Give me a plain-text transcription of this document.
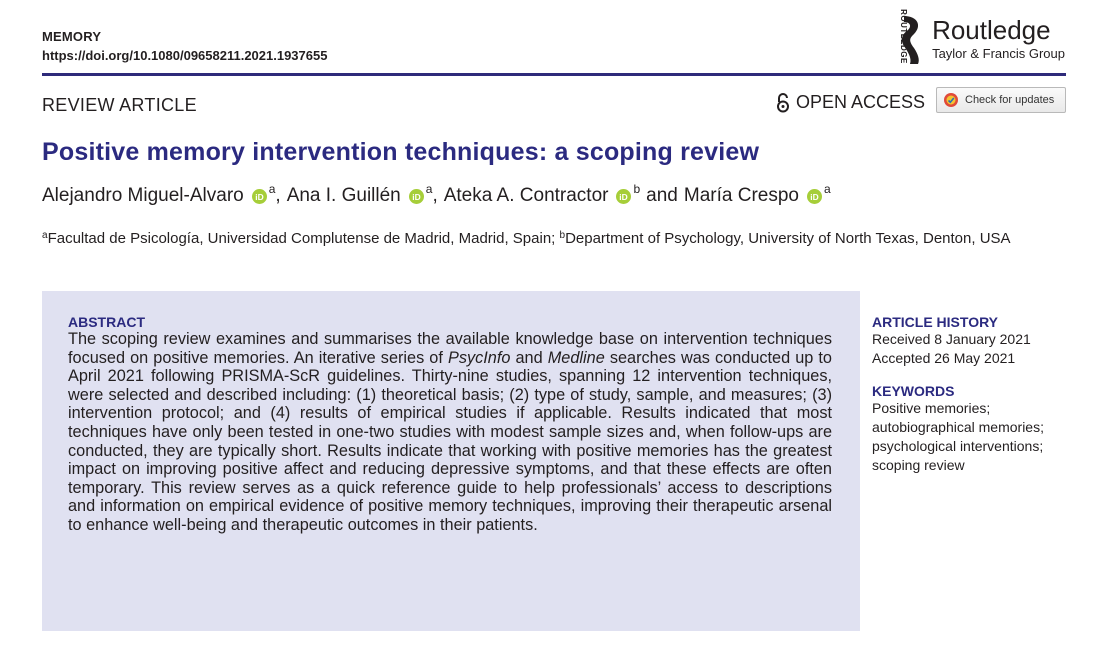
MEMORY
https://doi.org/10.1080/09658211.2021.1937655	ROUTLEDGE Routledge
Taylor & Francis Group
REVIEW ARTICLE	OPEN ACCESS	Check for updates
Positive memory intervention techniques: a scoping review
Alejandro Miguel-Alvaro iD
a , Ana I. Guillén iD
a , Ateka A. Contractor iD
b and María Crespo iD
a
$^a$Facultad de Psicología, Universidad Complutense de Madrid, Madrid, Spain; $^b$Department of Psychology, University of North Texas, Denton, USA
ABSTRACT

The scoping review examines and summarises the available knowledge base on intervention techniques focused on positive memories. An iterative series of PsycInfo and Medline searches was conducted up to April 2021 following PRISMA-ScR guidelines. Thirty-nine studies, spanning 12 intervention techniques, were selected and described including: (1) theoretical basis; (2) type of study, sample, and measures; (3) intervention protocol; and (4) results of empirical studies if applicable. Results indicated that most techniques have only been tested in one-two studies with modest sample sizes and, when follow-ups are conducted, they are typically short. Results indicate that working with positive memories has the greatest impact on improving positive affect and reducing depressive symptoms, and that these effects are often temporary. This review serves as a quick reference guide to help professionals’ access to descriptions and information on empirical evidence of positive memory techniques, improving their therapeutic arsenal to enhance well-being and therapeutic outcomes in their patients.

ARTICLE HISTORY
Received 8 January 2021
Accepted 26 May 2021
KEYWORDS
Positive memories;
autobiographical memories;
psychological interventions;
scoping review
